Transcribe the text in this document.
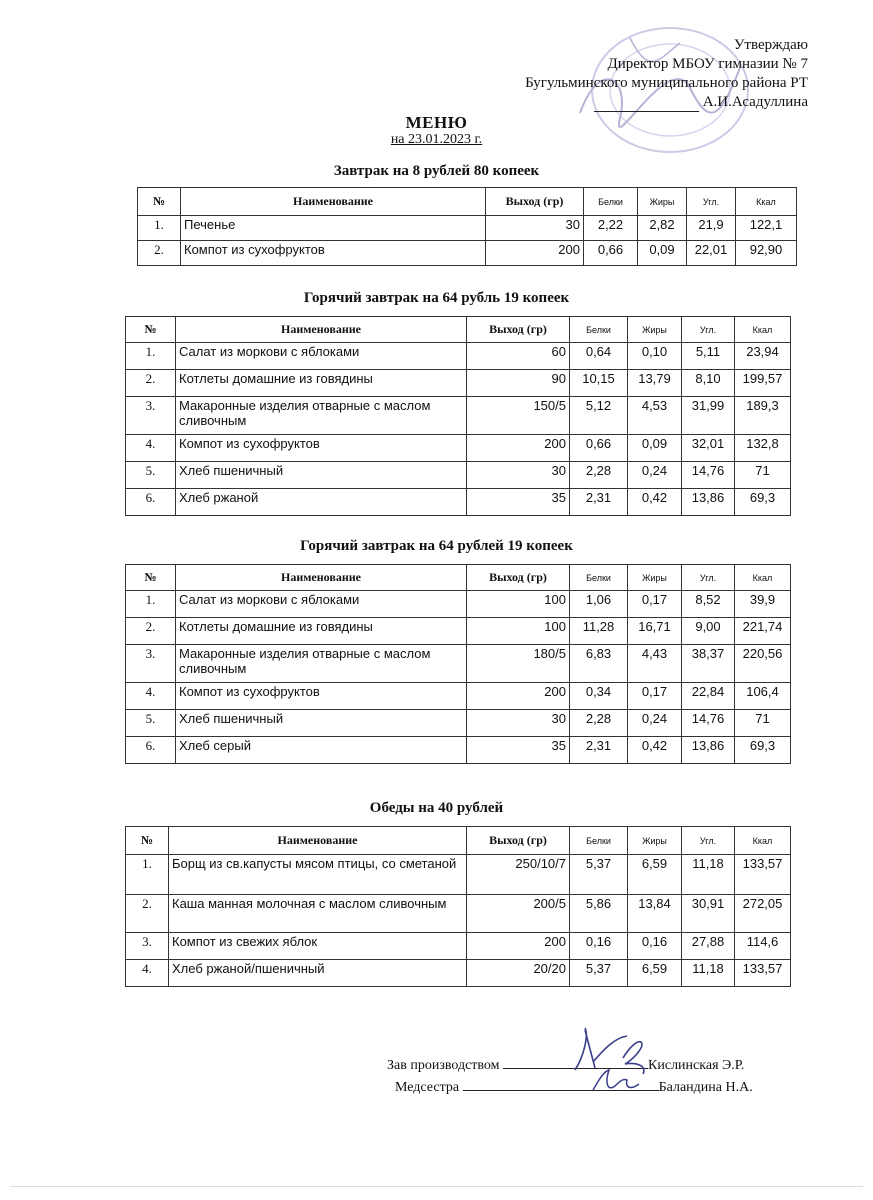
Утверждаю
Директор МБОУ гимназии № 7
Бугульминского муниципального района РТ
А.И.Асадуллина
МЕНЮ
на 23.01.2023 г.
Завтрак на 8 рублей 80 копеек
№	Наименование	Выход (гр)	Белки	Жиры	Угл.	Ккал
1.	Печенье	30	2,22	2,82	21,9	122,1
2.	Компот из сухофруктов	200	0,66	0,09	22,01	92,90
Горячий завтрак на 64 рубль 19 копеек
№	Наименование	Выход (гр)	Белки	Жиры	Угл.	Ккал
1.	Салат из моркови с яблоками	60	0,64	0,10	5,11	23,94
2.	Котлеты домашние из говядины	90	10,15	13,79	8,10	199,57
3.	Макаронные изделия отварные с маслом сливочным	150/5	5,12	4,53	31,99	189,3
4.	Компот из сухофруктов	200	0,66	0,09	32,01	132,8
5.	Хлеб пшеничный	30	2,28	0,24	14,76	71
6.	Хлеб ржаной	35	2,31	0,42	13,86	69,3
Горячий завтрак на 64 рублей 19 копеек
№	Наименование	Выход (гр)	Белки	Жиры	Угл.	Ккал
1.	Салат из моркови с яблоками	100	1,06	0,17	8,52	39,9
2.	Котлеты домашние из говядины	100	11,28	16,71	9,00	221,74
3.	Макаронные изделия отварные с маслом сливочным	180/5	6,83	4,43	38,37	220,56
4.	Компот из сухофруктов	200	0,34	0,17	22,84	106,4
5.	Хлеб пшеничный	30	2,28	0,24	14,76	71
6.	Хлеб серый	35	2,31	0,42	13,86	69,3
Обеды на 40 рублей
№	Наименование	Выход (гр)	Белки	Жиры	Угл.	Ккал
1.	Борщ из св.капусты мясом птицы, со сметаной	250/10/7	5,37	6,59	11,18	133,57
2.	Каша манная молочная с маслом сливочным	200/5	5,86	13,84	30,91	272,05
3.	Компот из свежих яблок	200	0,16	0,16	27,88	114,6
4.	Хлеб ржаной/пшеничный	20/20	5,37	6,59	11,18	133,57
Зав производством	Кислинская Э.Р.
Медсестра	Баландина Н.А.
